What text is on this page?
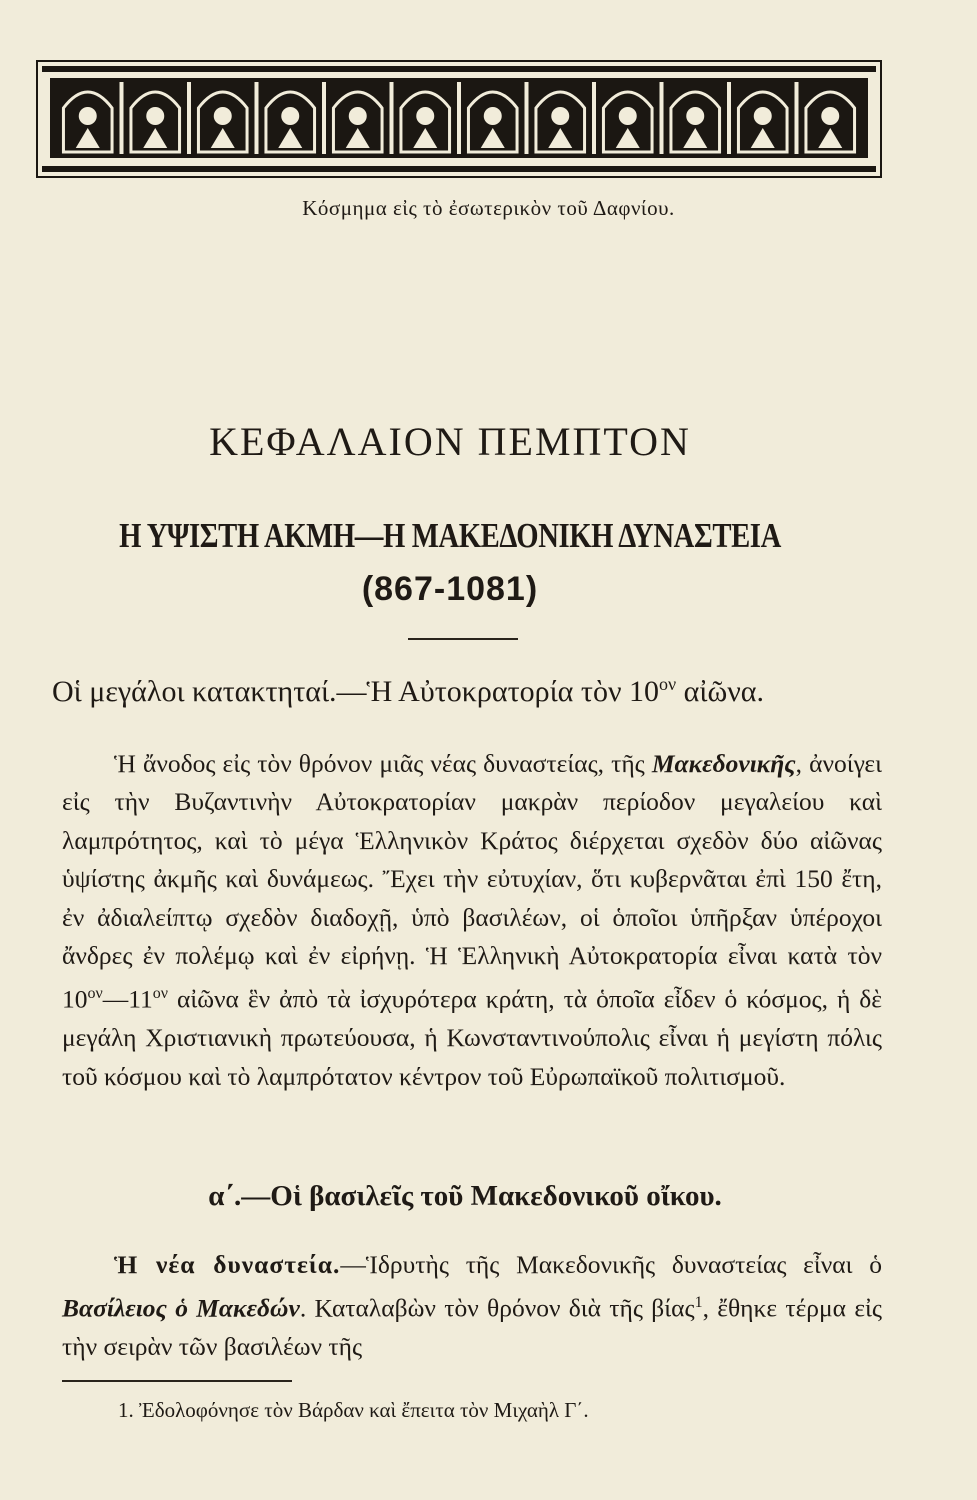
Κόσμημα εἰς τὸ ἐσωτερικὸν τοῦ Δαφνίου.
ΚΕΦΑΛΑΙΟΝ ΠΕΜΠΤΟΝ
Η ΥΨΙΣΤΗ ΑΚΜΗ—Η ΜΑΚΕΔΟΝΙΚΗ ΔΥΝΑΣΤΕΙΑ
(867-1081)
Οἱ μεγάλοι κατακτηταί.—Ἡ Αὐτοκρατορία τὸν $10^{o\nu}$ αἰῶνα.
Ἡ ἄνοδος εἰς τὸν θρόνον μιᾶς νέας δυναστείας, τῆς Μακεδονικῆς, ἀνοίγει εἰς τὴν Βυζαντινὴν Αὐτοκρατορίαν μακρὰν περίοδον μεγαλείου καὶ λαμπρότητος, καὶ τὸ μέγα Ἑλληνικὸν Κράτος διέρχεται σχεδὸν δύο αἰῶνας ὑψίστης ἀκμῆς καὶ δυνάμεως. Ἔχει τὴν εὐτυχίαν, ὅτι κυβερνᾶται ἐπὶ 150 ἔτη, ἐν ἀδιαλείπτῳ σχεδὸν διαδοχῇ, ὑπὸ βασιλέων, οἱ ὁποῖοι ὑπῆρξαν ὑπέροχοι ἄνδρες ἐν πολέμῳ καὶ ἐν εἰρήνῃ. Ἡ Ἑλληνικὴ Αὐτοκρατορία εἶναι κατὰ τὸν $10^{o\nu}—11^{o\nu}$ αἰῶνα ἓν ἀπὸ τὰ ἰσχυρότερα κράτη, τὰ ὁποῖα εἶδεν ὁ κόσμος, ἡ δὲ μεγάλη Χριστιανικὴ πρωτεύουσα, ἡ Κωνσταντινούπολις εἶναι ἡ μεγίστη πόλις τοῦ κόσμου καὶ τὸ λαμπρότατον κέντρον τοῦ Εὐρωπαϊκοῦ πολιτισμοῦ.
α΄.—Οἱ βασιλεῖς τοῦ Μακεδονικοῦ οἴκου.
Ἡ νέα δυναστεία.—Ἱδρυτὴς τῆς Μακεδονικῆς δυναστείας εἶναι ὁ Βασίλειος ὁ Μακεδών. Καταλαβὼν τὸν θρόνον διὰ τῆς βίας$^1$, ἔθηκε τέρμα εἰς τὴν σειρὰν τῶν βασιλέων τῆς
1. Ἐδολοφόνησε τὸν Βάρδαν καὶ ἔπειτα τὸν Μιχαὴλ Γ΄.
